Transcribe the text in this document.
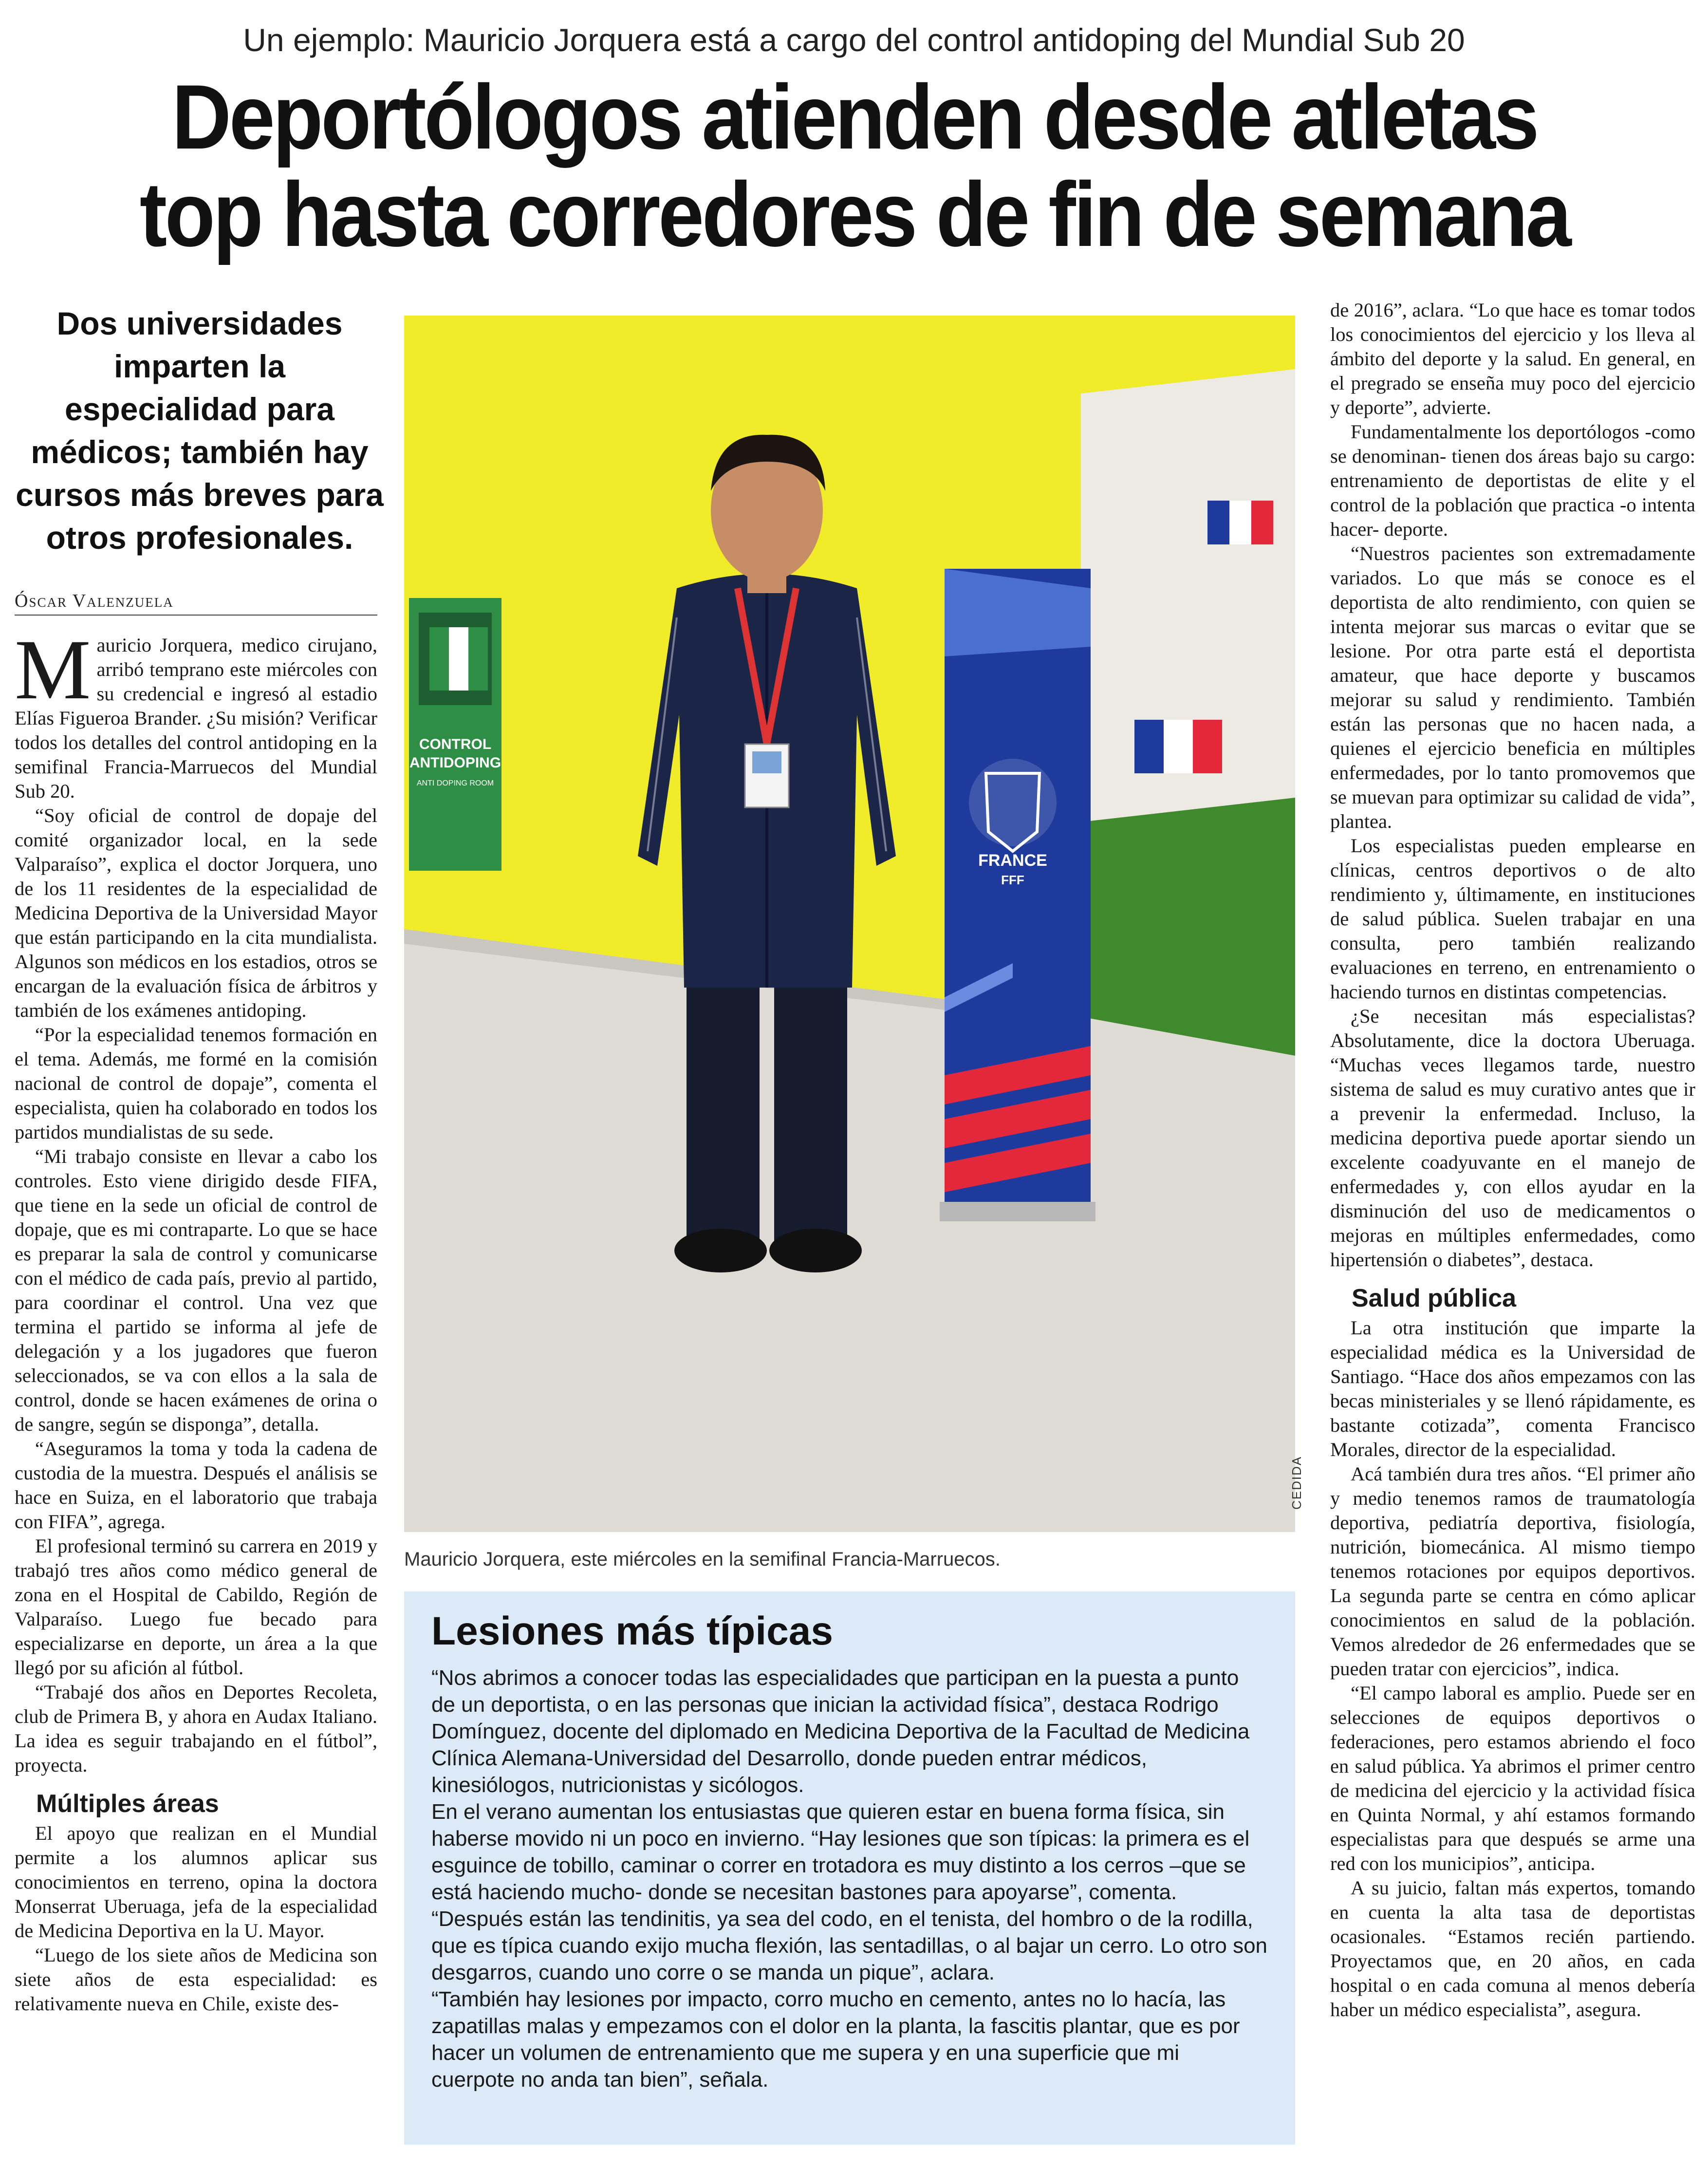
Un ejemplo: Mauricio Jorquera está a cargo del control antidoping del Mundial Sub 20
Deportólogos atienden desde atletas
top hasta corredores de fin de semana
Dos universidades imparten la especialidad para médicos; también hay cursos más breves para otros profesionales.
Óscar Valenzuela

Mauricio Jorquera, medico cirujano, arribó temprano este miércoles con su credencial e ingresó al estadio Elías Figueroa Brander. ¿Su misión? Verificar todos los detalles del control antidoping en la semifinal Francia-Marruecos del Mundial Sub 20.

“Soy oficial de control de dopaje del comité organizador local, en la sede Valparaíso”, explica el doctor Jorquera, uno de los 11 residentes de la especialidad de Medicina Deportiva de la Universidad Mayor que están participando en la cita mundialista. Algunos son médicos en los estadios, otros se encargan de la evaluación física de árbitros y también de los exámenes antidoping.

“Por la especialidad tenemos formación en el tema. Además, me formé en la comisión nacional de control de dopaje”, comenta el especialista, quien ha colaborado en todos los partidos mundialistas de su sede.

“Mi trabajo consiste en llevar a cabo los controles. Esto viene dirigido desde FIFA, que tiene en la sede un oficial de control de dopaje, que es mi contraparte. Lo que se hace es preparar la sala de control y comunicarse con el médico de cada país, previo al partido, para coordinar el control. Una vez que termina el partido se informa al jefe de delegación y a los jugadores que fueron seleccionados, se va con ellos a la sala de control, donde se hacen exámenes de orina o de sangre, según se disponga”, detalla.

“Aseguramos la toma y toda la cadena de custodia de la muestra. Después el análisis se hace en Suiza, en el laboratorio que trabaja con FIFA”, agrega.

El profesional terminó su carrera en 2019 y trabajó tres años como médico general de zona en el Hospital de Cabildo, Región de Valparaíso. Luego fue becado para especializarse en deporte, un área a la que llegó por su afición al fútbol.

“Trabajé dos años en Deportes Recoleta, club de Primera B, y ahora en Audax Italiano. La idea es seguir trabajando en el fútbol”, proyecta.

Múltiples áreas

El apoyo que realizan en el Mundial permite a los alumnos aplicar sus conocimientos en terreno, opina la doctora Monserrat Uberuaga, jefa de la especialidad de Medicina Deportiva en la U. Mayor.

“Luego de los siete años de Medicina son siete años de esta especialidad: es relativamente nueva en Chile, existe des-

CONTROL
ANTIDOPING
ANTI DOPING ROOM
FRANCE
FFF
CEDIDA
Mauricio Jorquera, este miércoles en la semifinal Francia-Marruecos.
Lesiones más típicas

“Nos abrimos a conocer todas las especialidades que participan en la puesta a punto de un deportista, o en las personas que inician la actividad física”, destaca Rodrigo Domínguez, docente del diplomado en Medicina Deportiva de la Facultad de Medicina Clínica Alemana-Universidad del Desarrollo, donde pueden entrar médicos, kinesiólogos, nutricionistas y sicólogos.

En el verano aumentan los entusiastas que quieren estar en buena forma física, sin haberse movido ni un poco en invierno. “Hay lesiones que son típicas: la primera es el esguince de tobillo, caminar o correr en trotadora es muy distinto a los cerros –que se está haciendo mucho- donde se necesitan bastones para apoyarse”, comenta.

“Después están las tendinitis, ya sea del codo, en el tenista, del hombro o de la rodilla, que es típica cuando exijo mucha flexión, las sentadillas, o al bajar un cerro. Lo otro son desgarros, cuando uno corre o se manda un pique”, aclara.

“También hay lesiones por impacto, corro mucho en cemento, antes no lo hacía, las zapatillas malas y empezamos con el dolor en la planta, la fascitis plantar, que es por hacer un volumen de entrenamiento que me supera y en una superficie que mi cuerpote no anda tan bien”, señala.

de 2016”, aclara. “Lo que hace es tomar todos los conocimientos del ejercicio y los lleva al ámbito del deporte y la salud. En general, en el pregrado se enseña muy poco del ejercicio y deporte”, advierte.

Fundamentalmente los deportólogos -como se denominan- tienen dos áreas bajo su cargo: entrenamiento de deportistas de elite y el control de la población que practica -o intenta hacer- deporte.

“Nuestros pacientes son extremadamente variados. Lo que más se conoce es el deportista de alto rendimiento, con quien se intenta mejorar sus marcas o evitar que se lesione. Por otra parte está el deportista amateur, que hace deporte y buscamos mejorar su salud y rendimiento. También están las personas que no hacen nada, a quienes el ejercicio beneficia en múltiples enfermedades, por lo tanto promovemos que se muevan para optimizar su calidad de vida”, plantea.

Los especialistas pueden emplearse en clínicas, centros deportivos o de alto rendimiento y, últimamente, en instituciones de salud pública. Suelen trabajar en una consulta, pero también realizando evaluaciones en terreno, en entrenamiento o haciendo turnos en distintas competencias.

¿Se necesitan más especialistas? Absolutamente, dice la doctora Uberuaga. “Muchas veces llegamos tarde, nuestro sistema de salud es muy curativo antes que ir a prevenir la enfermedad. Incluso, la medicina deportiva puede aportar siendo un excelente coadyuvante en el manejo de enfermedades y, con ellos ayudar en la disminución del uso de medicamentos o mejoras en múltiples enfermedades, como hipertensión o diabetes”, destaca.

Salud pública

La otra institución que imparte la especialidad médica es la Universidad de Santiago. “Hace dos años empezamos con las becas ministeriales y se llenó rápidamente, es bastante cotizada”, comenta Francisco Morales, director de la especialidad.

Acá también dura tres años. “El primer año y medio tenemos ramos de traumatología deportiva, pediatría deportiva, fisiología, nutrición, biomecánica. Al mismo tiempo tenemos rotaciones por equipos deportivos. La segunda parte se centra en cómo aplicar conocimientos en salud de la población. Vemos alrededor de 26 enfermedades que se pueden tratar con ejercicios”, indica.

“El campo laboral es amplio. Puede ser en selecciones de equipos deportivos o federaciones, pero estamos abriendo el foco en salud pública. Ya abrimos el primer centro de medicina del ejercicio y la actividad física en Quinta Normal, y ahí estamos formando especialistas para que después se arme una red con los municipios”, anticipa.

A su juicio, faltan más expertos, tomando en cuenta la alta tasa de deportistas ocasionales. “Estamos recién partiendo. Proyectamos que, en 20 años, en cada hospital o en cada comuna al menos debería haber un médico especialista”, asegura.
